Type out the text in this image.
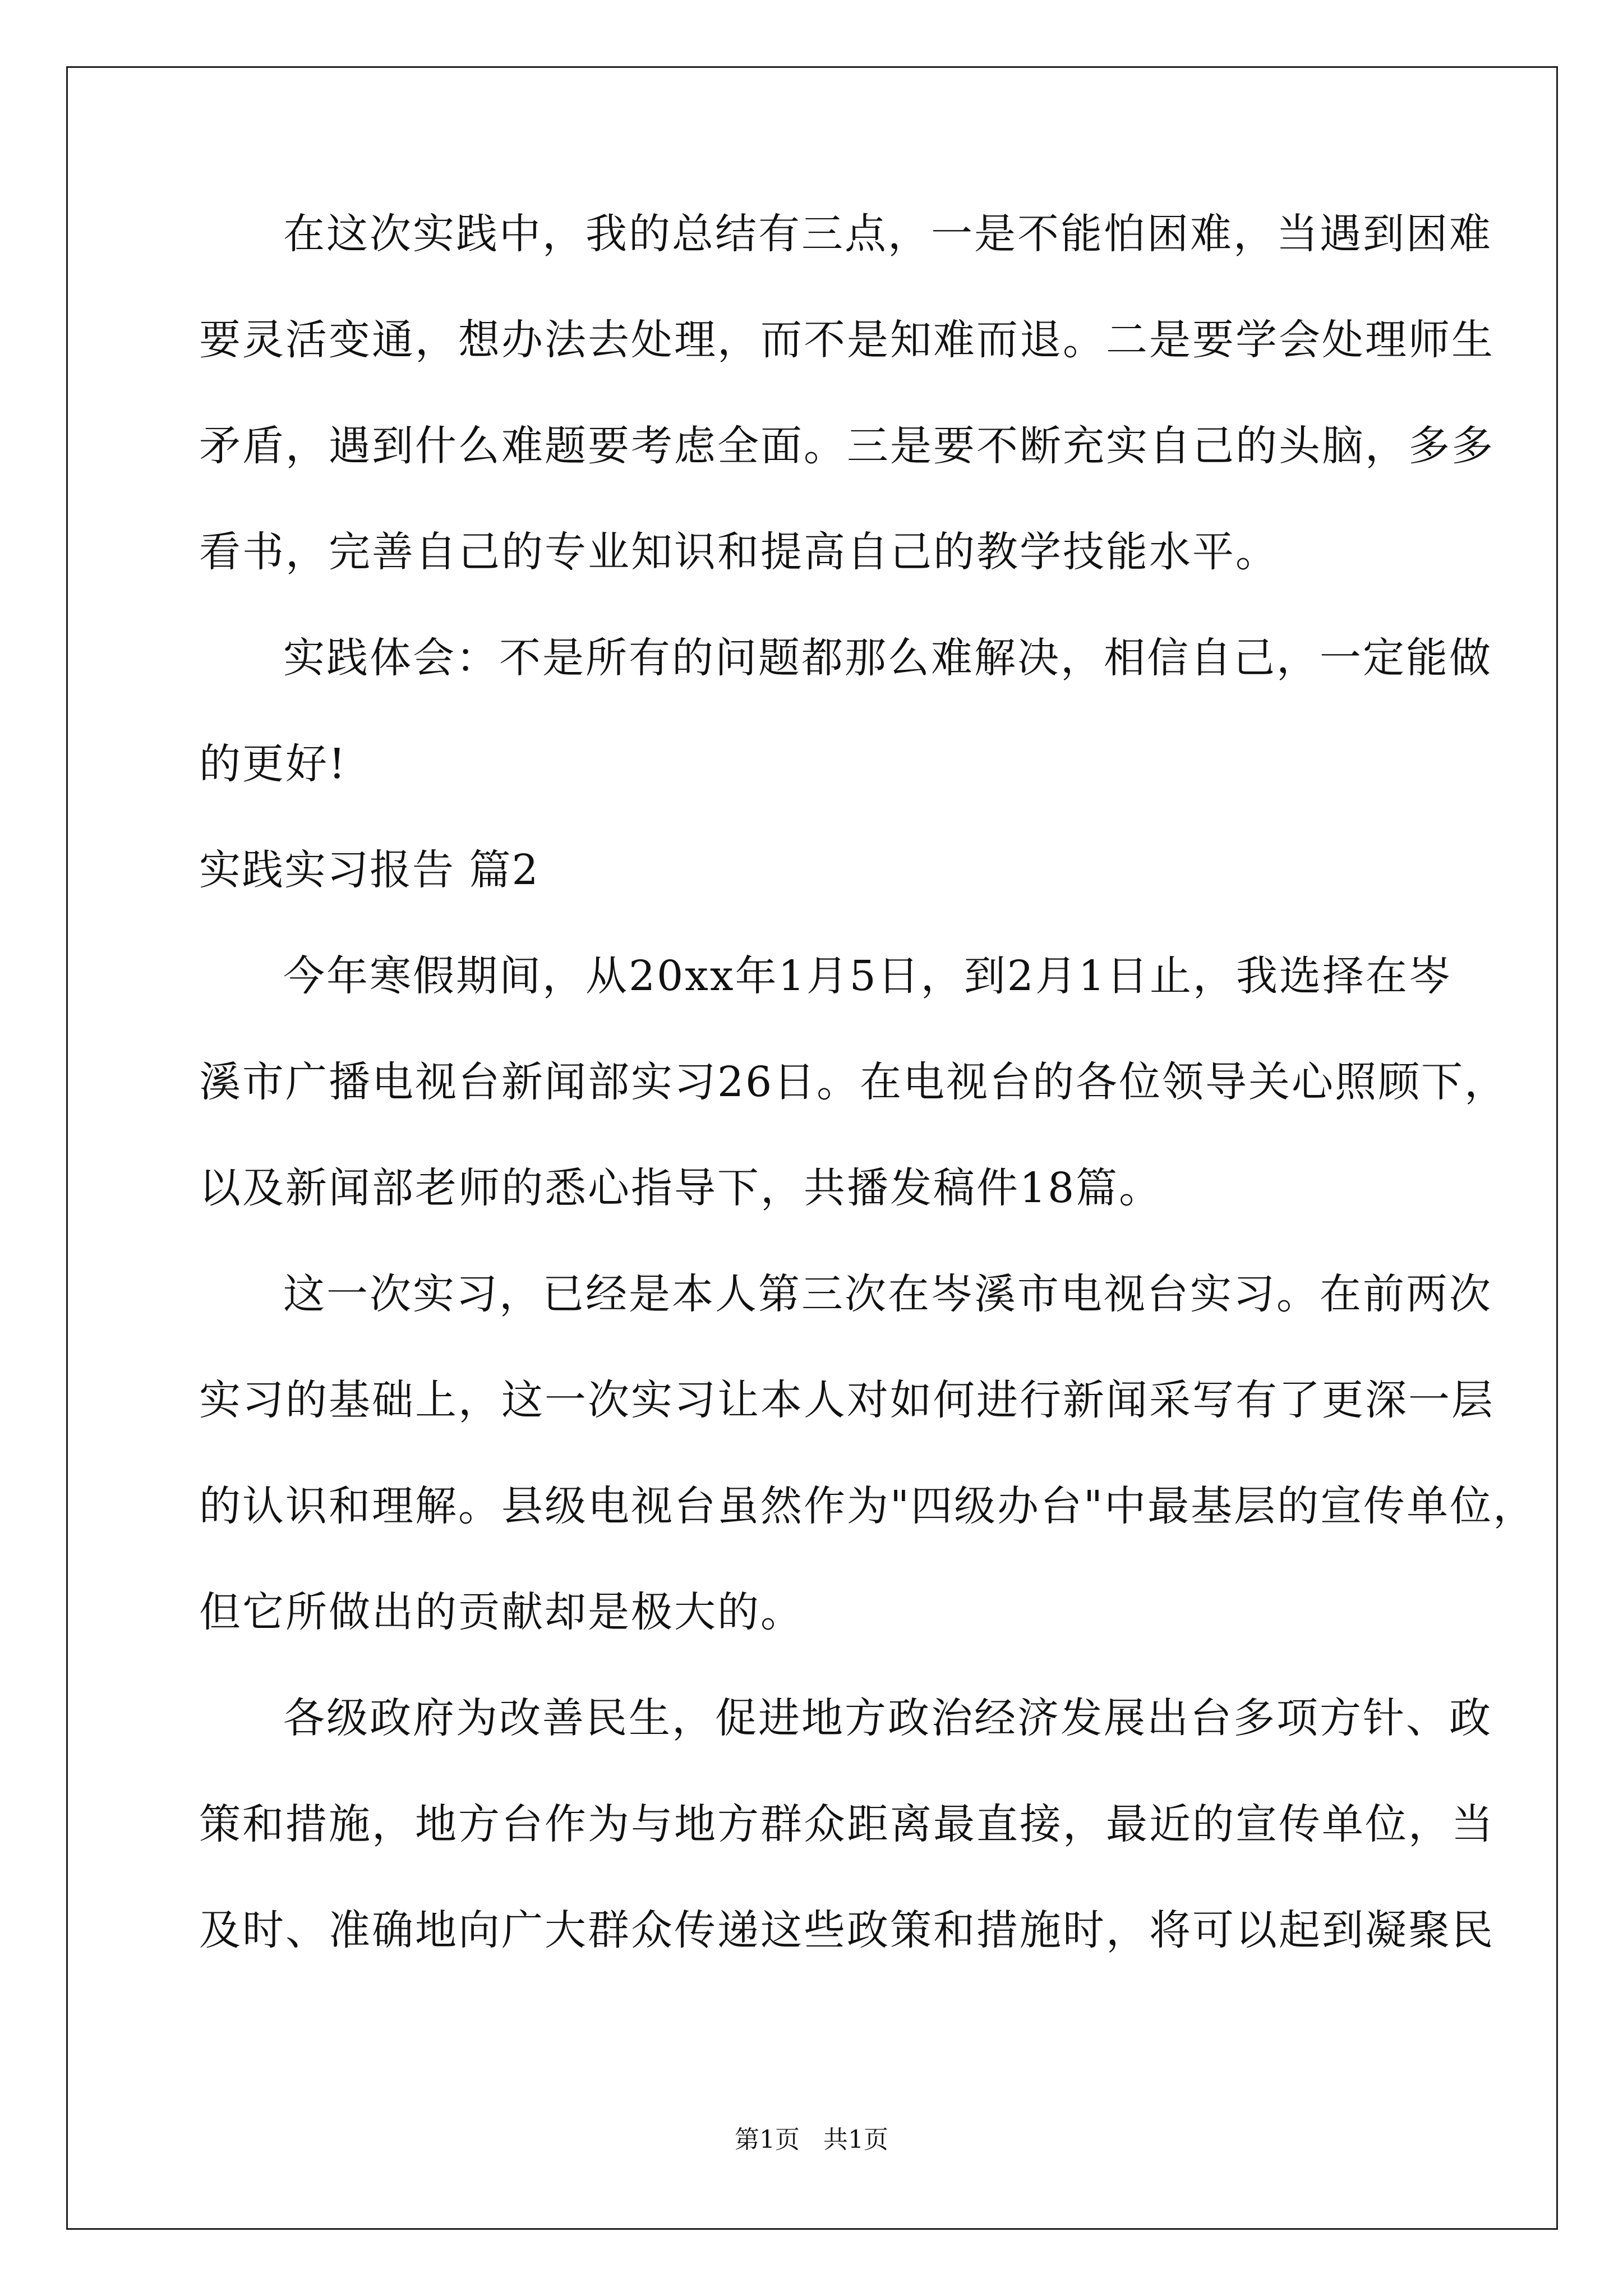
在这次实践中，我的总结有三点，一是不能怕困难，当遇到困难
要灵活变通，想办法去处理，而不是知难而退。二是要学会处理师生
矛盾，遇到什么难题要考虑全面。三是要不断充实自己的头脑，多多
看书，完善自己的专业知识和提高自己的教学技能水平。
实践体会：不是所有的问题都那么难解决，相信自己，一定能做
的更好!
实践实习报告 篇2
今年寒假期间，从20xx年1月5日，到2月1日止，我选择在岑
溪市广播电视台新闻部实习26日。在电视台的各位领导关心照顾下，
以及新闻部老师的悉心指导下，共播发稿件18篇。
这一次实习，已经是本人第三次在岑溪市电视台实习。在前两次
实习的基础上，这一次实习让本人对如何进行新闻采写有了更深一层
的认识和理解。县级电视台虽然作为"四级办台"中最基层的宣传单位，
但它所做出的贡献却是极大的。
各级政府为改善民生，促进地方政治经济发展出台多项方针、政
策和措施，地方台作为与地方群众距离最直接，最近的宣传单位，当
及时、准确地向广大群众传递这些政策和措施时，将可以起到凝聚民
第1页   共1页
